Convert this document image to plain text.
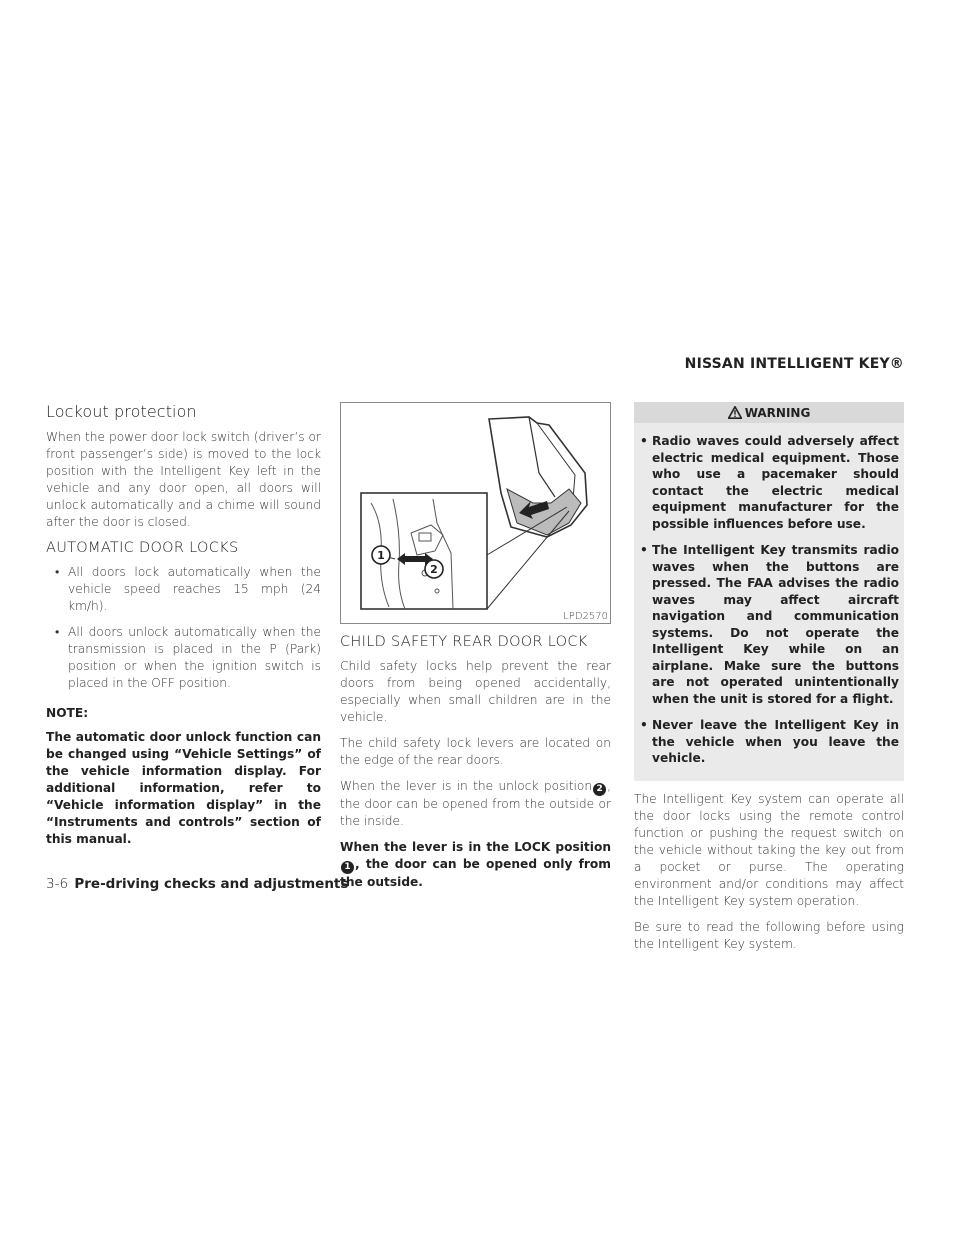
NISSAN INTELLIGENT KEY®
Lockout protection

When the power door lock switch (driver’s or front passenger’s side) is moved to the lock position with the Intelligent Key left in the vehicle and any door open, all doors will unlock automatically and a chime will sound after the door is closed.

AUTOMATIC DOOR LOCKS
• All doors lock automatically when the vehicle speed reaches 15 mph (24 km/h).
• All doors unlock automatically when the transmission is placed in the P (Park) position or when the ignition switch is placed in the OFF position.
NOTE:

The automatic door unlock function can be changed using “Vehicle Settings” of the vehicle information display. For additional information, refer to “Vehicle information display” in the “Instruments and controls” section of this manual.

1
2
LPD2570
CHILD SAFETY REAR DOOR LOCK

Child safety locks help prevent the rear doors from being opened accidentally, especially when small children are in the vehicle.

The child safety lock levers are located on the edge of the rear doors.

When the lever is in the unlock position 2 , the door can be opened from the outside or the inside.

When the lever is in the LOCK position1 , the door can be opened only from the outside.

WARNING
• Radio waves could adversely affect electric medical equipment. Those who use a pacemaker should contact the electric medical equipment manufacturer for the possible influences before use.
• The Intelligent Key transmits radio waves when the buttons are pressed. The FAA advises the radio waves may affect aircraft navigation and communication systems. Do not operate the Intelligent Key while on an airplane. Make sure the buttons are not operated unintentionally when the unit is stored for a flight.
• Never leave the Intelligent Key in the vehicle when you leave the vehicle.

The Intelligent Key system can operate all the door locks using the remote control function or pushing the request switch on the vehicle without taking the key out from a pocket or purse. The operating environment and/or conditions may affect the Intelligent Key system operation.

Be sure to read the following before using the Intelligent Key system.

3-6 Pre-driving checks and adjustments
